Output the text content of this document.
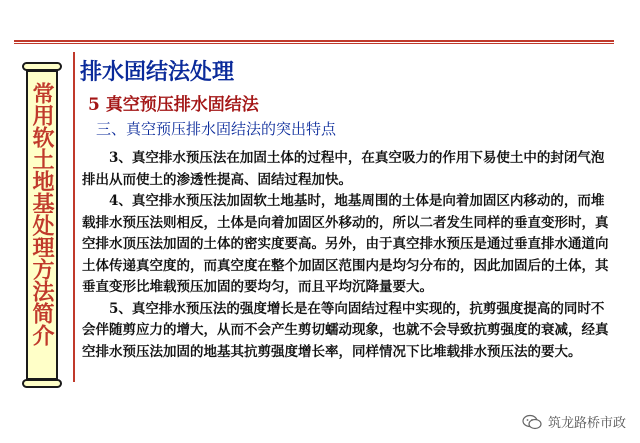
常用软土地基处理方法简介
排水固结法处理
5 真空预压排水固结法
三、真空预压排水固结法的突出特点

3、真空排水预压法在加固土体的过程中，在真空吸力的作用下易使土中的封闭气泡排出从而使土的渗透性提高、固结过程加快。

4、真空排水预压法加固软土地基时，地基周围的土体是向着加固区内移动的，而堆载排水预压法则相反，土体是向着加固区外移动的，所以二者发生同样的垂直变形时，真空排水顶压法加固的土体的密实度要高。另外，由于真空排水预压是通过垂直排水通道向土体传递真空度的，而真空度在整个加固区范围内是均匀分布的，因此加固后的土体，其垂直变形比堆载预压加固的要均匀，而且平均沉降量要大。

5、真空排水预压法的强度增长是在等向固结过程中实现的，抗剪强度提高的同时不会伴随剪应力的增大，从而不会产生剪切蠕动现象，也就不会导致抗剪强度的衰减，经真空排水预压法加固的地基其抗剪强度增长率，同样情况下比堆载排水预压法的要大。

筑龙路桥市政
